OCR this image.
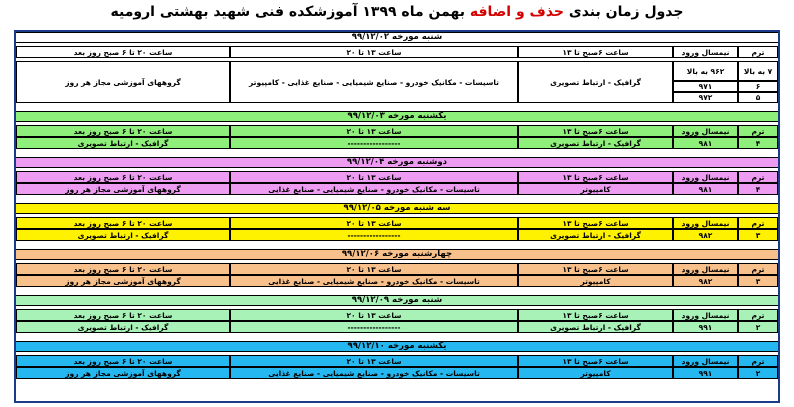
جدول زمان بندی حذف و اضافه بهمن ماه ۱۳۹۹ آموزشکده فنی شهید بهشتی ارومیه
شنبه مورخه ۹۹/۱۲/۰۲
ترم
نیمسال ورود
ساعت ۶صبح تا ۱۳
ساعت ۱۳ تا ۲۰
ساعت ۲۰ تا ۶ صبح روز بعد
۷ به بالا
۹۶۲ به بالا
۶
۹۷۱
۵
۹۷۲
گرافیک - ارتباط تصویری
تاسیسات - مکانیک خودرو - صنایع شیمیایی - صنایع غذایی - کامپیوتر
گروههای آموزشی مجاز هر روز
یکشنبه مورخه ۹۹/۱۲/۰۳
ترم
نیمسال ورود
ساعت ۶صبح تا ۱۳
ساعت ۱۳ تا ۲۰
ساعت ۲۰ تا ۶ صبح روز بعد
۴
۹۸۱
گرافیک - ارتباط تصویری
-----------------
گرافیک - ارتباط تصویری
دوشنبه مورخه ۹۹/۱۲/۰۴
ترم
نیمسال ورود
ساعت ۶صبح تا ۱۳
ساعت ۱۳ تا ۲۰
ساعت ۲۰ تا ۶ صبح روز بعد
۴
۹۸۱
کامپیوتر
تاسیسات - مکانیک خودرو - صنایع شیمیایی - صنایع غذایی
گروههای آموزشی مجاز هر روز
سه شنبه مورخه ۹۹/۱۲/۰۵
ترم
نیمسال ورود
ساعت ۶صبح تا ۱۳
ساعت ۱۳ تا ۲۰
ساعت ۲۰ تا ۶ صبح روز بعد
۳
۹۸۲
گرافیک - ارتباط تصویری
-----------------
گرافیک - ارتباط تصویری
چهارشنبه مورخه ۹۹/۱۲/۰۶
ترم
نیمسال ورود
ساعت ۶صبح تا ۱۳
ساعت ۱۳ تا ۲۰
ساعت ۲۰ تا ۶ صبح روز بعد
۳
۹۸۲
کامپیوتر
تاسیسات - مکانیک خودرو - صنایع شیمیایی - صنایع غذایی
گروههای آموزشی مجاز هر روز
شنبه مورخه ۹۹/۱۲/۰۹
ترم
نیمسال ورود
ساعت ۶صبح تا ۱۳
ساعت ۱۳ تا ۲۰
ساعت ۲۰ تا ۶ صبح روز بعد
۲
۹۹۱
گرافیک - ارتباط تصویری
-----------------
گرافیک - ارتباط تصویری
یکشنبه مورخه ۹۹/۱۲/۱۰
ترم
نیمسال ورود
ساعت ۶صبح تا ۱۳
ساعت ۱۳ تا ۲۰
ساعت ۲۰ تا ۶ صبح روز بعد
۲
۹۹۱
کامپیوتر
تاسیسات - مکانیک خودرو - صنایع شیمیایی - صنایع غذایی
گروههای آموزشی مجاز هر روز
